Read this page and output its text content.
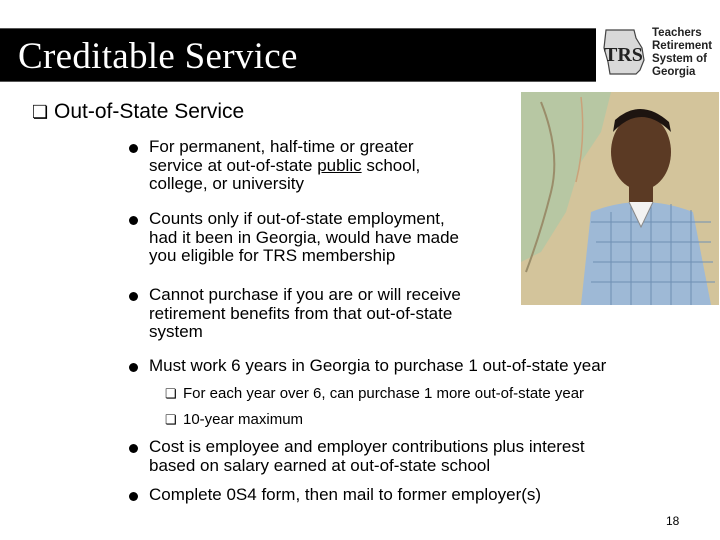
Creditable Service	TRS
Teachers
Retirement
System of
Georgia
❏ Out-of-State Service
For permanent, half-time or greater
service at out-of-state public school,
college, or university
Counts only if out-of-state employment,
had it been in Georgia, would have made
you eligible for TRS membership
Cannot purchase if you are or will receive
retirement benefits from that out-of-state
system
Must work 6 years in Georgia to purchase 1 out-of-state year
❏ For each year over 6, can purchase 1 more out-of-state year
❏ 10-year maximum
Cost is employee and employer contributions plus interest
based on salary earned at out-of-state school
Complete 0S4 form, then mail to former employer(s)
18
